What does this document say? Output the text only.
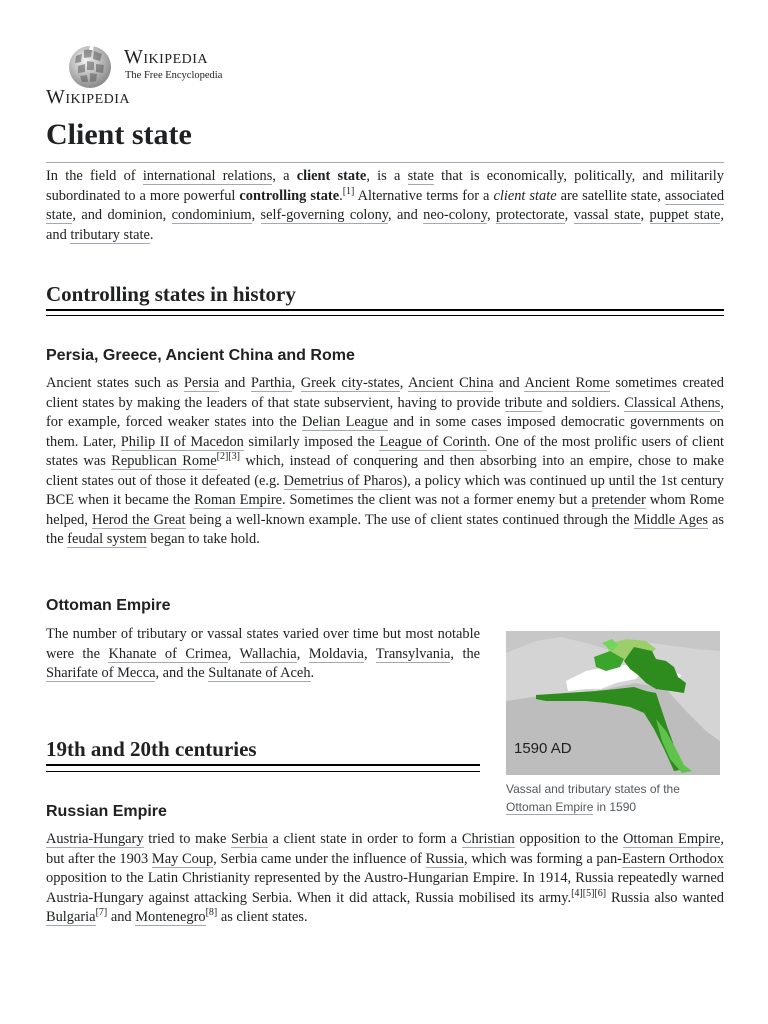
Wikipedia
The Free Encyclopedia
Wikipedia
Client state

In the field of international relations, a client state, is a state that is economically, politically, and militarily subordinated to a more powerful controlling state.[1] Alternative terms for a client state are satellite state, associated state, and dominion, condominium, self-governing colony, and neo-colony, protectorate, vassal state, puppet state, and tributary state.

Controlling states in history
Persia, Greece, Ancient China and Rome

Ancient states such as Persia and Parthia, Greek city-states, Ancient China and Ancient Rome sometimes created client states by making the leaders of that state subservient, having to provide tribute and soldiers. Classical Athens, for example, forced weaker states into the Delian League and in some cases imposed democratic governments on them. Later, Philip II of Macedon similarly imposed the League of Corinth. One of the most prolific users of client states was Republican Rome[2][3] which, instead of conquering and then absorbing into an empire, chose to make client states out of those it defeated (e.g. Demetrius of Pharos), a policy which was continued up until the 1st century BCE when it became the Roman Empire. Sometimes the client was not a former enemy but a pretender whom Rome helped, Herod the Great being a well-known example. The use of client states continued through the Middle Ages as the feudal system began to take hold.

Ottoman Empire

The number of tributary or vassal states varied over time but most notable were the Khanate of Crimea, Wallachia, Moldavia, Transylvania, the Sharifate of Mecca, and the Sultanate of Aceh.

19th and 20th centuries
Russian Empire

Austria-Hungary tried to make Serbia a client state in order to form a Christian opposition to the Ottoman Empire, but after the 1903 May Coup, Serbia came under the influence of Russia, which was forming a pan-Eastern Orthodox opposition to the Latin Christianity represented by the Austro-Hungarian Empire. In 1914, Russia repeatedly warned Austria-Hungary against attacking Serbia. When it did attack, Russia mobilised its army.[4][5][6] Russia also wanted Bulgaria[7] and Montenegro[8] as client states.

1590 AD
Vassal and tributary states of the Ottoman Empire in 1590
